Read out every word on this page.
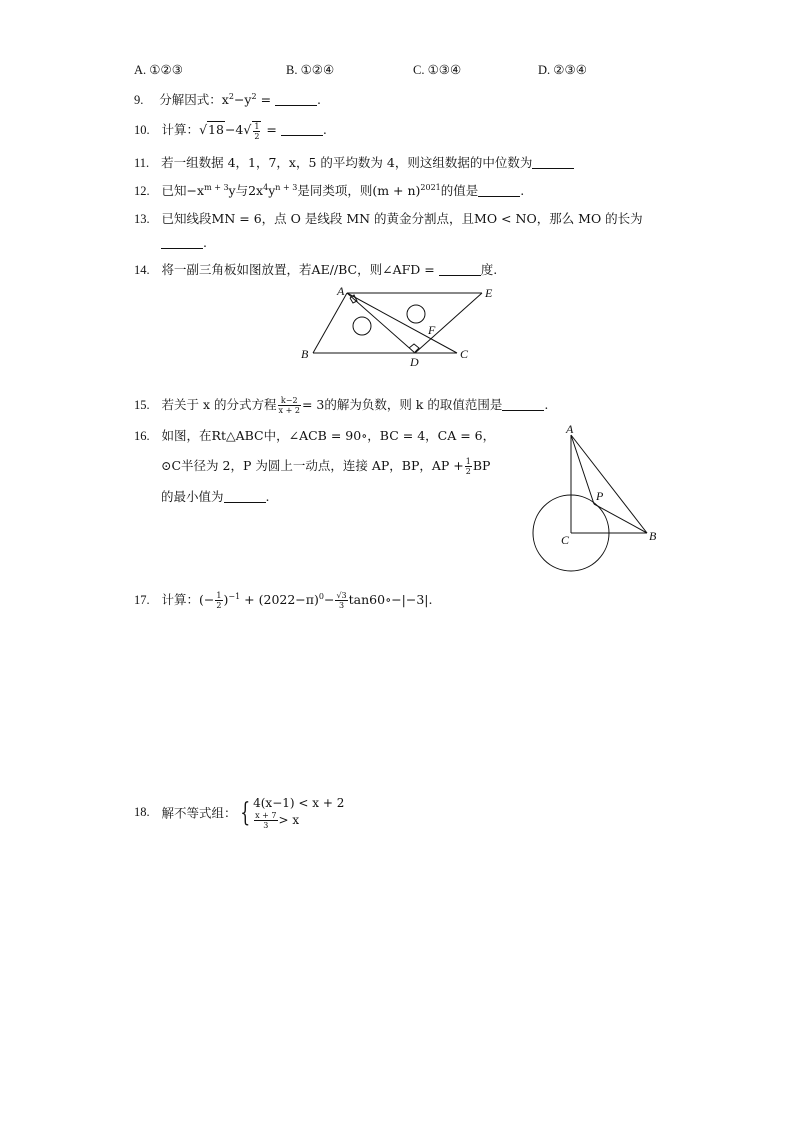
A. ①②③	B. ①②④	C. ①③④	D. ②③④
9. 分解因式：$x^2-y^2$ =	.
10. 计算：$√18-4√ \frac{1}{2}$ =	.
11. 若一组数据 4，1，7，x，5 的平均数为 4，则这组数据的中位数为
12. 已知$-x^{m + 3}y$与$2x^4y^{n + 3}$是同类项，则$(m + n)^{2021}$的值是	.
13. 已知线段MN = 6，点 O 是线段 MN 的黄金分割点，且MO < NO，那么 MO 的长为
.
14. 将一副三角板如图放置，若AE//BC，则∠AFD =	度.
A	E
B
D
C
F
15. 若关于 x 的分式方程 $\frac{k-2}{x + 2} = 3$的解为负数，则 k 的取值范围是	.
16. 如图，在Rt△ABC中，∠ACB = 90∘，BC = 4，CA = 6，
⊙C半径为 2，P 为圆上一动点，连接 AP，BP，AP + $\frac{1}{2}$ BP
的最小值为	.
A
P
C	B
17. 计算：(− $\frac{1}{2} )^{-1} + (2022-\pi)^0- \frac{√3}{3}$ tan60∘−|−3|.
18. 解不等式组： { 4(x−1) < x + 2
$\frac{x + 7}{3} > x$
